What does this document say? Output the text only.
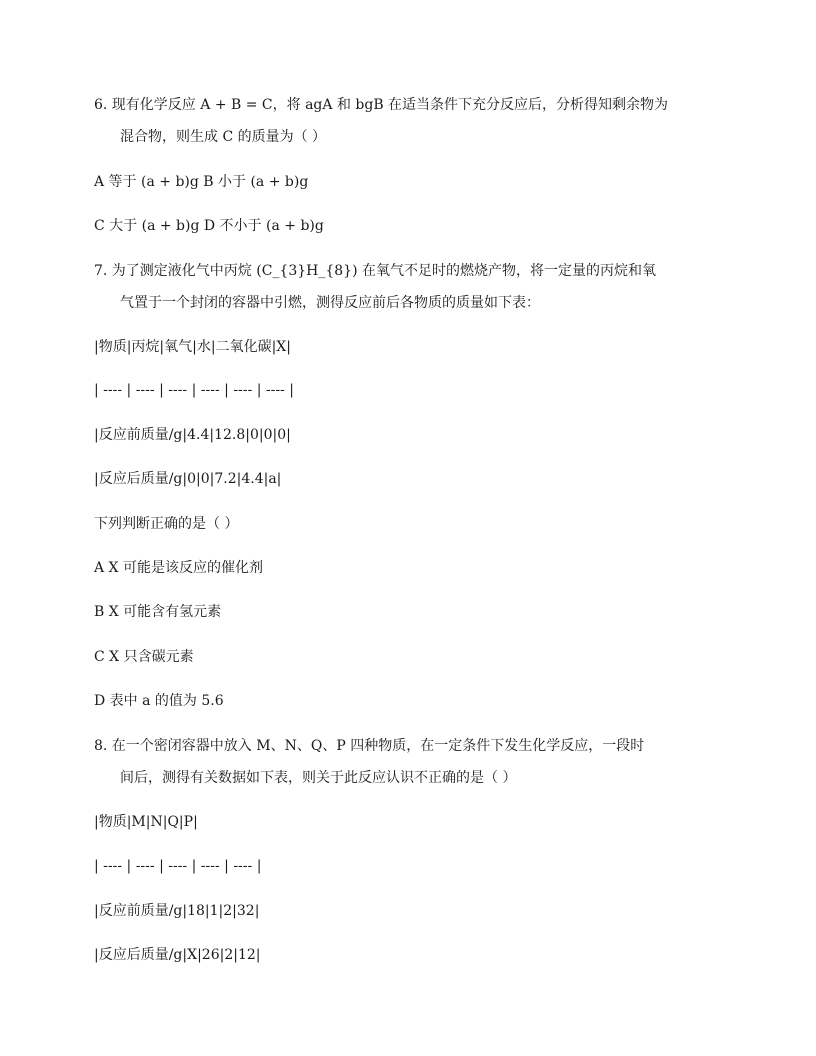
6. 现有化学反应 A + B = C，将 agA 和 bgB 在适当条件下充分反应后，分析得知剩余物为
混合物，则生成 C 的质量为（ ）
A 等于 (a + b)g B 小于 (a + b)g
C 大于 (a + b)g D 不小于 (a + b)g
7. 为了测定液化气中丙烷 (C_{3}H_{8}) 在氧气不足时的燃烧产物，将一定量的丙烷和氧
气置于一个封闭的容器中引燃，测得反应前后各物质的质量如下表：
|物质|丙烷|氧气|水|二氧化碳|X|
| ---- | ---- | ---- | ---- | ---- | ---- |
|反应前质量/g|4.4|12.8|0|0|0|
|反应后质量/g|0|0|7.2|4.4|a|
下列判断正确的是（ ）
A X 可能是该反应的催化剂
B X 可能含有氢元素
C X 只含碳元素
D 表中 a 的值为 5.6
8. 在一个密闭容器中放入 M、N、Q、P 四种物质，在一定条件下发生化学反应，一段时
间后，测得有关数据如下表，则关于此反应认识不正确的是（ ）
|物质|M|N|Q|P|
| ---- | ---- | ---- | ---- | ---- |
|反应前质量/g|18|1|2|32|
|反应后质量/g|X|26|2|12|
